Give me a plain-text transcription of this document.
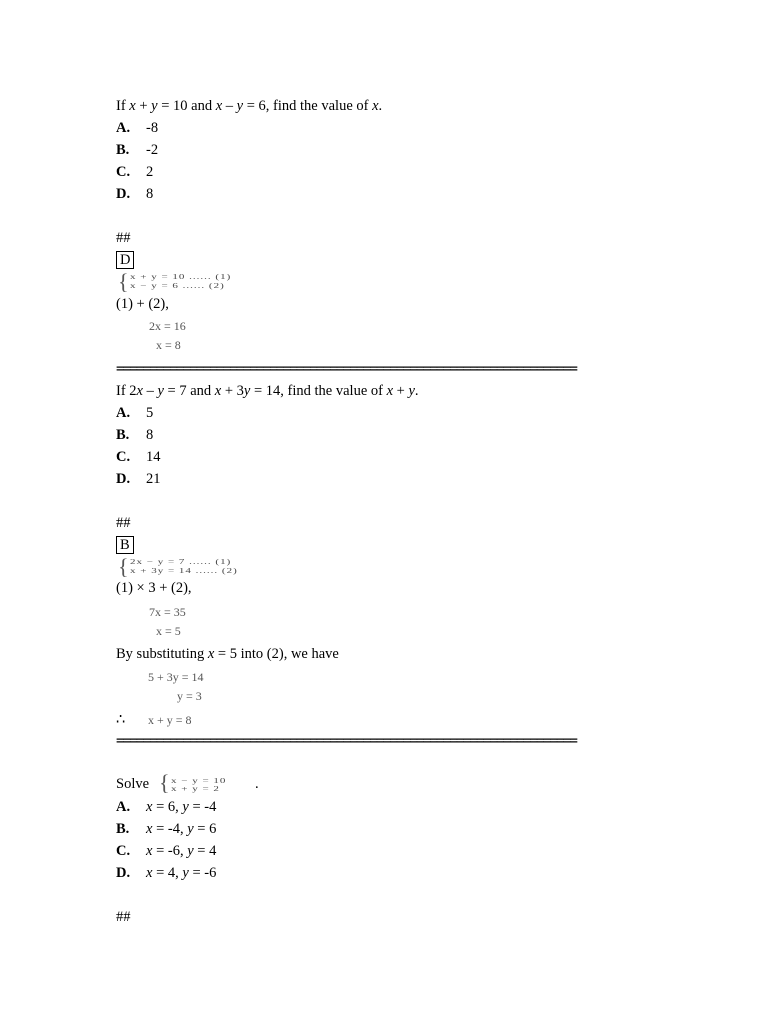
If x + y = 10 and x – y = 6, find the value of x.
A. -8
B. -2
C. 2
D. 8
##
D
{ x + y = 10 ...... (1)
x − y = 6 ...... (2)
(1) + (2),
2x = 16
x = 8
=====================================================================
If 2x – y = 7 and x + 3y = 14, find the value of x + y.
A. 5
B. 8
C. 14
D. 21
##
B
{ 2x − y = 7 ...... (1)
x + 3y = 14 ...... (2)
(1) × 3 + (2),
7x = 35
x = 5
By substituting x = 5 into (2), we have
5 + 3y = 14
y = 3
∴ x + y = 8
=====================================================================
Solve { x − y = 10
x + y = 2 .
A. x = 6, y = -4
B. x = -4, y = 6
C. x = -6, y = 4
D. x = 4, y = -6
##
